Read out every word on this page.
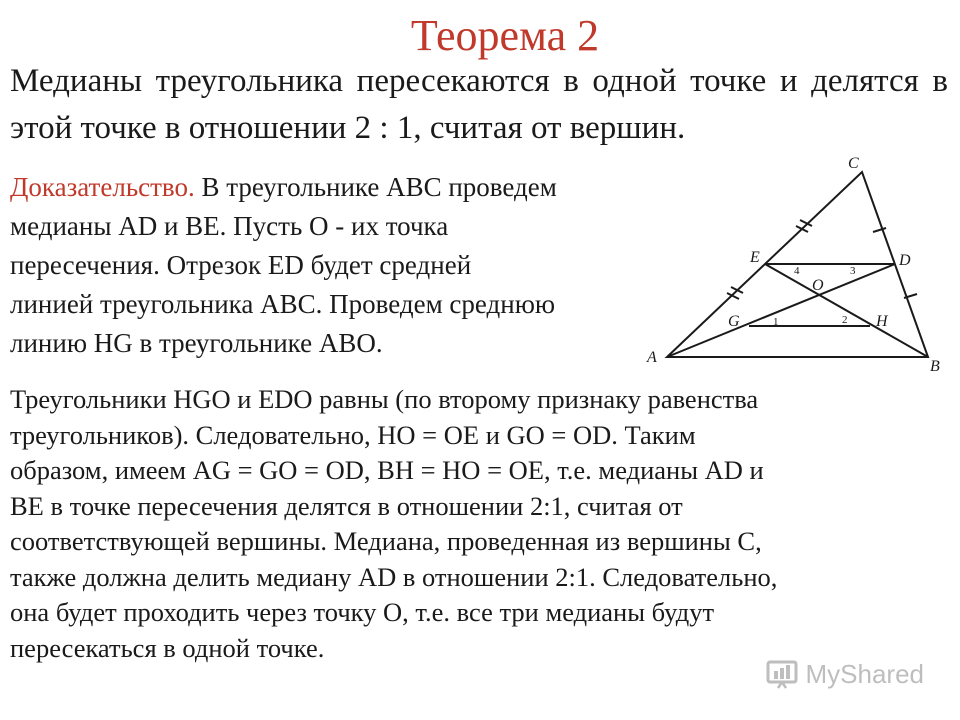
Теорема 2
Медианы треугольника пересекаются в одной точке и делятся в этой точке в отношении 2 : 1, считая от вершин.
Доказательство. В треугольнике ABC проведем
медианы AD и BE. Пусть O - их точка
пересечения. Отрезок ED будет средней
линией треугольника ABC. Проведем среднюю
линию HG в треугольнике ABO.	A
B
C
D
E
O
G	H
1	2
3
4
Треугольники HGO и EDO равны (по второму признаку равенства
треугольников). Следовательно, HO = OE и GO = OD. Таким
образом, имеем AG = GO = OD, BH = HO = OE, т.е. медианы AD и
BE в точке пересечения делятся в отношении 2:1, считая от
соответствующей вершины. Медиана, проведенная из вершины C,
также должна делить медиану AD в отношении 2:1. Следовательно,
она будет проходить через точку O, т.е. все три медианы будут
пересекаться в одной точке.
MyShared
